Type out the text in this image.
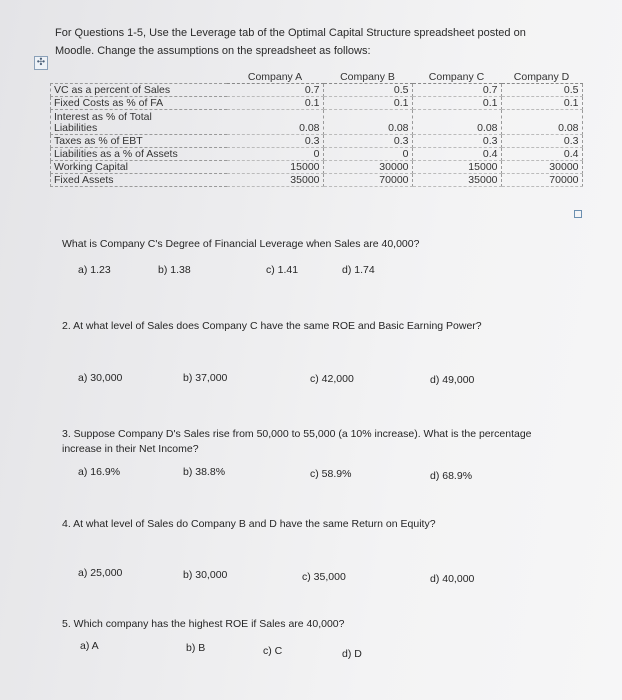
For Questions 1-5, Use the Leverage tab of the Optimal Capital Structure spreadsheet posted on
Moodle. Change the assumptions on the spreadsheet as follows:
✣
	Company A	Company B	Company C	Company D
VC as a percent of Sales	0.7	0.5	0.7	0.5
Fixed Costs as % of FA	0.1	0.1	0.1	0.1

Interest as % of Total
Liabilities	0.08	0.08	0.08	0.08
Taxes as % of EBT	0.3	0.3	0.3	0.3
Liabilities as a % of Assets	0	0	0.4	0.4
Working Capital	15000	30000	15000	30000
Fixed Assets	35000	70000	35000	70000
What is Company C's Degree of Financial Leverage when Sales are 40,000?
a) 1.23	b) 1.38	c) 1.41	d) 1.74
2. At what level of Sales does Company C have the same ROE and Basic Earning Power?
a) 30,000	b) 37,000	c) 42,000	d) 49,000
3. Suppose Company D's Sales rise from 50,000 to 55,000 (a 10% increase). What is the percentage
increase in their Net Income?
a) 16.9%	b) 38.8%	c) 58.9%	d) 68.9%
4. At what level of Sales do Company B and D have the same Return on Equity?
a) 25,000	b) 30,000	c) 35,000	d) 40,000
5. Which company has the highest ROE if Sales are 40,000?
a) A	b) B	c) C	d) D
